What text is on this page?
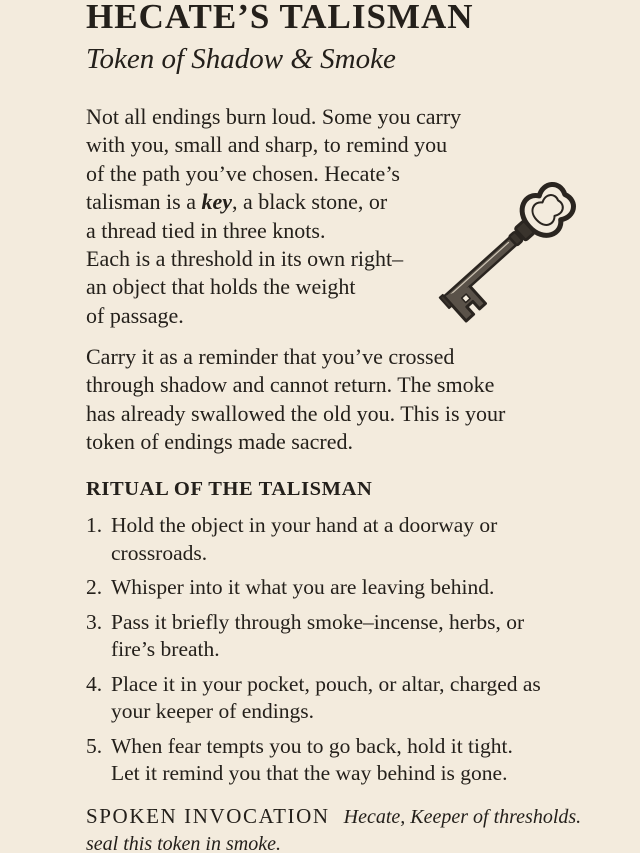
HECATE’S TALISMAN
Token of Shadow & Smoke
Not all endings burn loud. Some you carry
with you, small and sharp, to remind you
of the path you’ve chosen. Hecate’s
talisman is a key, a black stone, or
a thread tied in three knots.
Each is a threshold in its own right–
an object that holds the weight
of passage.
Carry it as a reminder that you’ve crossed
through shadow and cannot return. The smoke
has already swallowed the old you. This is your
token of endings made sacred.
RITUAL OF THE TALISMAN
1. Hold the object in your hand at a doorway or
crossroads.
2. Whisper into it what you are leaving behind.
3. Pass it briefly through smoke–incense, herbs, or
fire’s breath.
4. Place it in your pocket, pouch, or altar, charged as
your keeper of endings.
5. When fear tempts you to go back, hold it tight.
Let it remind you that the way behind is gone.
SPOKEN INVOCATION Hecate, Keeper of thresholds.
seal this token in smoke.
